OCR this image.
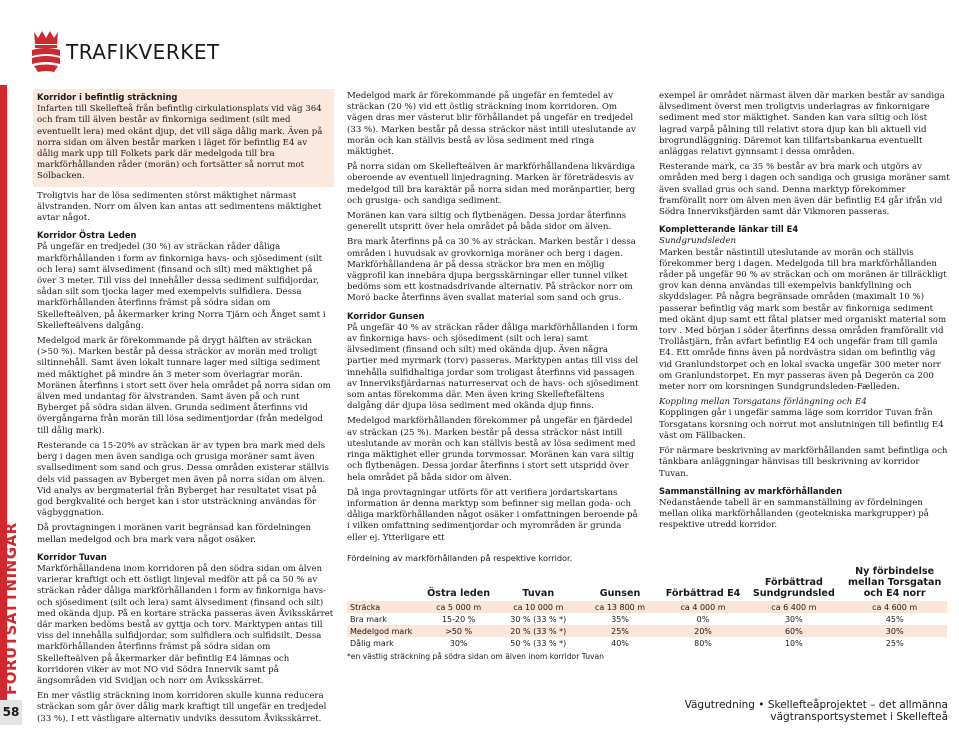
TRAFIKVERKET
FÖRUTSÄTTNINGAR
58
Korridor i befintlig sträckning
Infarten till Skellefteå från befintlig cirkulationsplats vid väg 364 och fram till älven består av finkorniga sediment (silt med eventuellt lera) med okänt djup, det vill säga dålig mark. Även på norra sidan om älven består marken i läget för befintlig E4 av dålig mark upp till Folkets park där medelgoda till bra markförhållanden råder (morän) och fortsätter så norrut mot Solbacken.

Troligtvis har de lösa sedimenten störst mäktighet närmast älvstranden. Norr om älven kan antas att sedimentens mäktighet avtar något.

Korridor Östra Leden

På ungefär en tredjedel (30 %) av sträckan råder dåliga markförhållanden i form av finkorniga havs- och sjösediment (silt och lera) samt älvsediment (finsand och silt) med mäktighet på över 3 meter. Till viss del innehåller dessa sediment sulfidjordar, sådan silt som tjocka lager med exempelvis sulfidlera. Dessa markförhållanden återfinns främst på södra sidan om Skellefteälven, på åkermarker kring Norra Tjärn och Ånget samt i Skellefteälvens dalgång.

Medelgod mark är förekommande på drygt hälften av sträckan (>50 %). Marken består på dessa sträckor av morän med troligt siltinnehåll. Samt även lokalt tunnare lager med siltiga sediment med mäktighet på mindre än 3 meter som överlagrar morän. Moränen återfinns i stort sett över hela området på norra sidan om älven med undantag för älvstranden. Samt även på och runt Byberget på södra sidan älven. Grunda sediment återfinns vid övergångarna från morän till lösa sedimentjordar (från medelgod till dålig mark).

Resterande ca 15-20% av sträckan är av typen bra mark med dels berg i dagen men även sandiga och grusiga moräner samt även svallsediment som sand och grus. Dessa områden existerar ställvis dels vid passagen av Byberget men även på norra sidan om älven. Vid analys av bergmaterial från Byberget har resultatet visat på god bergkvalité och berget kan i stor utsträckning användas för vägbyggnation.

Då provtagningen i moränen varit begränsad kan fördelningen mellan medelgod och bra mark vara något osäker.

Korridor Tuvan

Markförhållandena inom korridoren på den södra sidan om älven varierar kraftigt och ett östligt linjeval medför att på ca 50 % av sträckan råder dåliga markförhållanden i form av finkorniga havs- och sjösediment (silt och lera) samt älvsediment (finsand och silt) med okända djup. På en kortare sträcka passeras även Åviksskärret där marken bedöms bestå av gyttja och torv. Marktypen antas till viss del innehålla sulfidjordar, som sulfidlera och sulfidsilt. Dessa markförhållanden återfinns främst på södra sidan om Skellefteälven på åkermarker där befintlig E4 lämnas och korridoren viker av mot NO vid Södra Innervik samt på ängsområden vid Svidjan och norr om Åviksskärret.

En mer västlig sträckning inom korridoren skulle kunna reducera sträckan som går över dålig mark kraftigt till ungefär en tredjedel (33 %). I ett västligare alternativ undviks dessutom Åviksskärret.

Medelgod mark är förekommande på ungefär en femtedel av sträckan (20 %) vid ett östlig sträckning inom korridoren. Om vägen dras mer västerut blir förhållandet på ungefär en tredjedel (33 %). Marken består på dessa sträckor näst intill uteslutande av morän och kan ställvis bestå av lösa sediment med ringa mäktighet.

På norra sidan om Skellefteälven är markförhållandena likvärdiga oberoende av eventuell linjedragning. Marken är företrädesvis av medelgod till bra karaktär på norra sidan med moränpartier, berg och grusiga- och sandiga sediment.

Moränen kan vara siltig och flytbenägen. Dessa jordar återfinns generellt utspritt över hela området på båda sidor om älven.

Bra mark återfinns på ca 30 % av sträckan. Marken består i dessa områden i huvudsak av grovkorniga moräner och berg i dagen. Markförhållandena är på dessa sträckor bra men en möjlig vägprofil kan innebära djupa bergsskärningar eller tunnel vilket bedöms som ett kostnadsdrivande alternativ. På sträckor norr om Morö backe återfinns även svallat material som sand och grus.

Korridor Gunsen

På ungefär 40 % av sträckan råder dåliga markförhållanden i form av finkorniga havs- och sjösediment (silt och lera) samt älvsediment (finsand och silt) med okända djup. Även några partier med myrmark (torv) passeras. Marktypen antas till viss del innehålla sulfidhaltiga jordar som troligast återfinns vid passagen av Innerviksfjärdarnas naturreservat och de havs- och sjösediment som antas förekomma där. Men även kring Skelleftefältens dalgång där djupa lösa sediment med okända djup finns.

Medelgod markförhållanden förekommer på ungefär en fjärdedel av sträckan (25 %). Marken består på dessa sträckor näst intill uteslutande av morän och kan ställvis bestå av lösa sediment med ringa mäktighet eller grunda torvmossar. Moränen kan vara siltig och flytbenägen. Dessa jordar återfinns i stort sett utspridd över hela området på båda sidor om älven.

Då inga provtagningar utförts för att verifiera jordartskartans information är denna marktyp som befinner sig mellan goda- och dåliga markförhållanden något osäker i omfattningen beroende på i vilken omfattning sedimentjordar och myrområden är grunda eller ej. Ytterligare ett

exempel är området närmast älven där marken består av sandiga älvsediment överst men troligtvis underlagras av finkornigare sediment med stor mäktighet. Sanden kan vara siltig och löst lagrad varpå pålning till relativt stora djup kan bli aktuell vid brogrundläggning. Däremot kan tillfartsbankarna eventuellt anläggas relativt gynnsamt i dessa områden.

Resterande mark, ca 35 % består av bra mark och utgörs av områden med berg i dagen och sandiga och grusiga moräner samt även svallad grus och sand. Denna marktyp förekommer framförallt norr om älven men även där befintlig E4 går ifrån vid Södra Innerviksfjärden samt där Vikmoren passeras.

Kompletterande länkar till E4
Sundgrundsleden

Marken består nästintill uteslutande av morän och ställvis förekommer berg i dagen. Medelgoda till bra markförhållanden råder på ungefär 90 % av sträckan och om moränen är tillräckligt grov kan denna användas till exempelvis bankfyllning och skyddslager. På några begränsade områden (maximalt 10 %) passerar befintlig väg mark som består av finkorniga sediment med okänt djup samt ett fåtal platser med organiskt material som torv . Med början i söder återfinns dessa områden framförallt vid Trollåstjärn, från avfart befintlig E4 och ungefär fram till gamla E4. Ett område finns även på nordvästra sidan om befintlig väg vid Granlundstorpet och en lokal svacka ungefär 300 meter norr om Granlundstorpet. En myr passeras även på Degerön ca 200 meter norr om korsningen Sundgrundsleden-Fælleden.

Koppling mellan Torsgatans förlängning och E4

Kopplingen går i ungefär samma läge som korridor Tuvan från Torsgatans korsning och norrut mot anslutningen till befintlig E4 väst om Fällbacken.

För närmare beskrivning av markförhållanden samt befintliga och tänkbara anläggningar hänvisas till beskrivning av korridor Tuvan.

Sammanställning av markförhållanden

Nedanstående tabell är en sammanställning av fördelningen mellan olika markförhållanden (geotekniska markgrupper) på respektive utredd korridor.

Fördelning av markförhållanden på respektive korridor.
	Östra leden	Tuvan	Gunsen	Förbättrad E4	Förbättrad Sundgrundsled	Ny förbindelse mellan Torsgatan och E4 norr
Sträcka	ca 5 000 m	ca 10 000 m	ca 13 800 m	ca 4 000 m	ca 6 400 m	ca 4 600 m
Bra mark	15-20 %	30 % (33 % *)	35%	0%	30%	45%
Medelgod mark	>50 %	20 % (33 % *)	25%	20%	60%	30%
Dålig mark	30%	50 % (33 % *)	40%	80%	10%	25%
*en västlig sträckning på södra sidan om älven inom korridor Tuvan
Vägutredning • Skellefteåprojektet – det allmänna vägtransportsystemet i Skellefteå
